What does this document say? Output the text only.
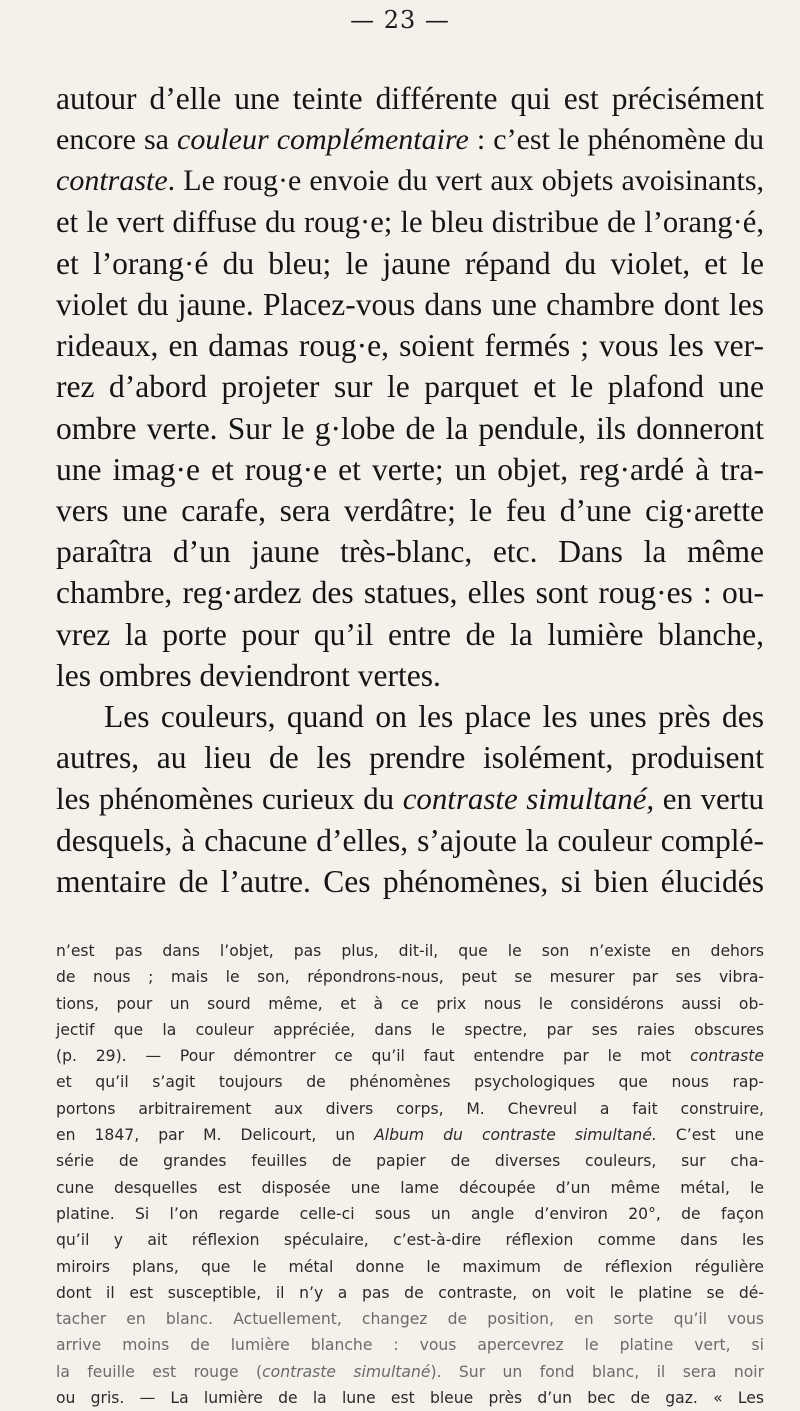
— 23 —
autour d’elle une teinte différente qui est précisément
encore sa couleur complémentaire : c’est le phénomène du
contraste. Le roug·e envoie du vert aux objets avoisinants,
et le vert diffuse du roug·e; le bleu distribue de l’orang·é,
et l’orang·é du bleu; le jaune répand du violet, et le
violet du jaune. Placez-vous dans une chambre dont les
rideaux, en damas roug·e, soient fermés ; vous les ver-
rez d’abord projeter sur le parquet et le plafond une
ombre verte. Sur le g·lobe de la pendule, ils donneront
une imag·e et roug·e et verte; un objet, reg·ardé à tra-
vers une carafe, sera verdâtre; le feu d’une cig·arette
paraîtra d’un jaune très-blanc, etc. Dans la même
chambre, reg·ardez des statues, elles sont roug·es : ou-
vrez la porte pour qu’il entre de la lumière blanche,
les ombres deviendront vertes.
Les couleurs, quand on les place les unes près des
autres, au lieu de les prendre isolément, produisent
les phénomènes curieux du contraste simultané, en vertu
desquels, à chacune d’elles, s’ajoute la couleur complé-
mentaire de l’autre. Ces phénomènes, si bien élucidés
n’est pas dans l’objet, pas plus, dit-il, que le son n’existe en dehors
de nous ; mais le son, répondrons-nous, peut se mesurer par ses vibra-
tions, pour un sourd même, et à ce prix nous le considérons aussi ob-
jectif que la couleur appréciée, dans le spectre, par ses raies obscures
(p. 29). — Pour démontrer ce qu’il faut entendre par le mot contraste
et qu’il s’agit toujours de phénomènes psychologiques que nous rap-
portons arbitrairement aux divers corps, M. Chevreul a fait construire,
en 1847, par M. Delicourt, un Album du contraste simultané. C’est une
série de grandes feuilles de papier de diverses couleurs, sur cha-
cune desquelles est disposée une lame découpée d’un même métal, le
platine. Si l’on regarde celle-ci sous un angle d’environ 20°, de façon
qu’il y ait réflexion spéculaire, c’est-à-dire réflexion comme dans les
miroirs plans, que le métal donne le maximum de réflexion régulière
dont il est susceptible, il n’y a pas de contraste, on voit le platine se dé-
tacher en blanc. Actuellement, changez de position, en sorte qu’il vous
arrive moins de lumière blanche : vous apercevrez le platine vert, si
la feuille est rouge (contraste simultané). Sur un fond blanc, il sera noir
ou gris. — La lumière de la lune est bleue près d’un bec de gaz. « Les
